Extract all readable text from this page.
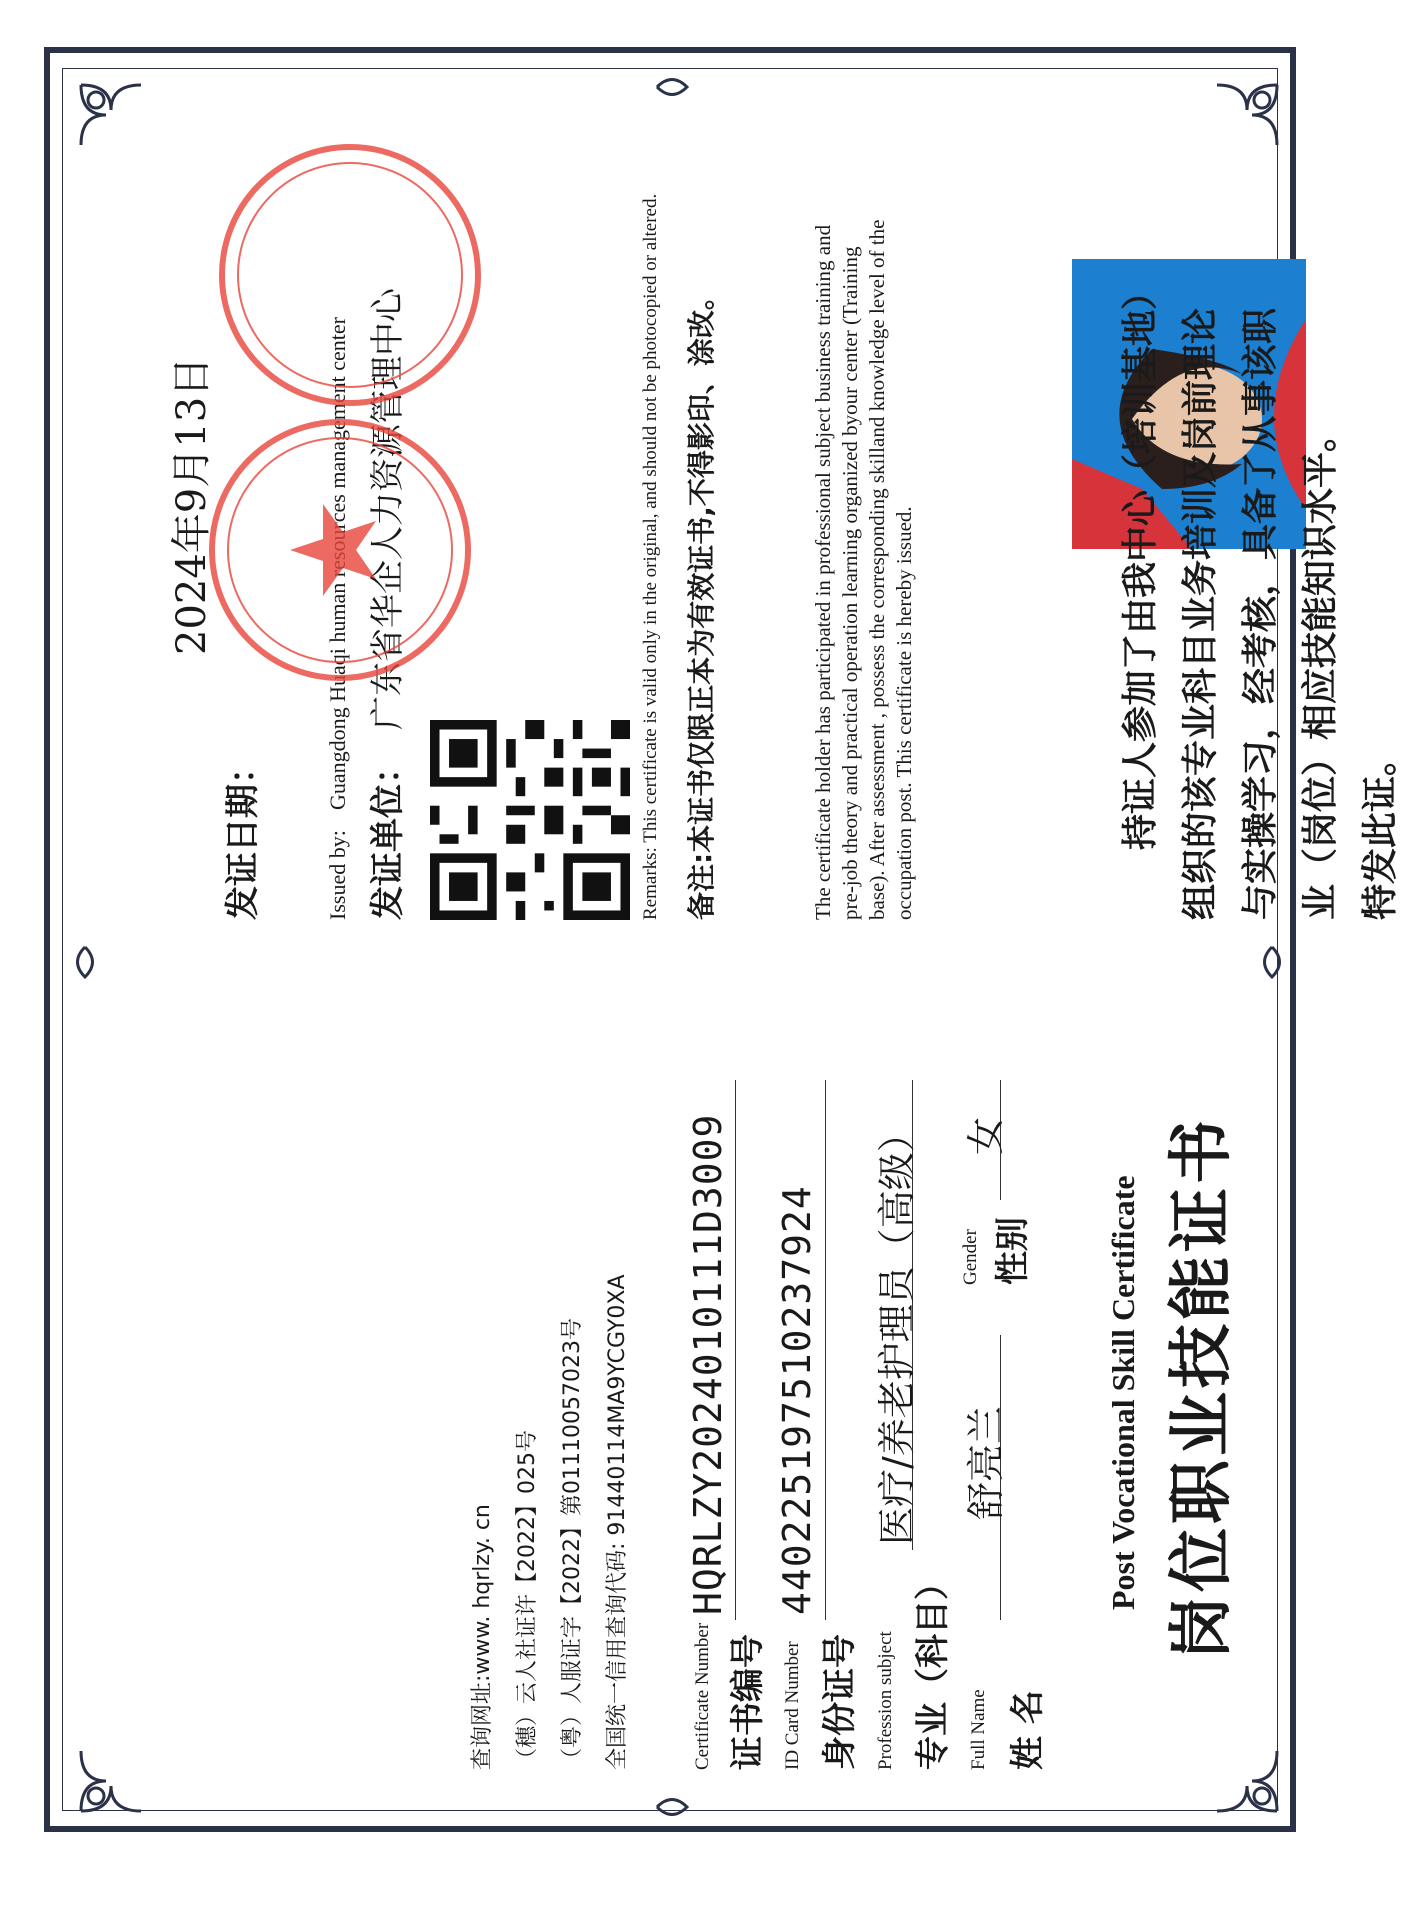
岗位职业技能证书
Post Vocational Skill Certificate
姓 名
Full Name
舒亮兰
性别
Gender
女
专业（科目）
Profession subject
医疗/养老护理员（高级）
身份证号
ID Card Number
440225197510237924
证书编号
Certificate Number
HQRLZY2024010111D3009
全国统一信用查询代码: 91440114MA9YCGY0XA
（粤）人服证字【2022】第01110057023号
（穗）云人社证许【2022】025号
查询网址:www. hqrlzy. cn
持证人参加了由我中心（培训基地） 组织的该专业科目业务培训及岗前理论 与实操学习，经考核，具备了从事该职 业（岗位）相应技能知识水平。 特发此证。
The certificate holder has participated in professional subject business training and pre-job theory and practical operation learning organized byour center (Training base). After assessment , possess the corresponding skilland knowledge level of the occupation post. This certificate is hereby issued.
备注:本证书仅限正本为有效证书,不得影印、涂改。
Remarks: This certificate is valid only in the original, and should not be photocopied or altered.
发证单位：
广东省华企人力资源管理中心
Issued by:
发证日期：
2024年9月13日
